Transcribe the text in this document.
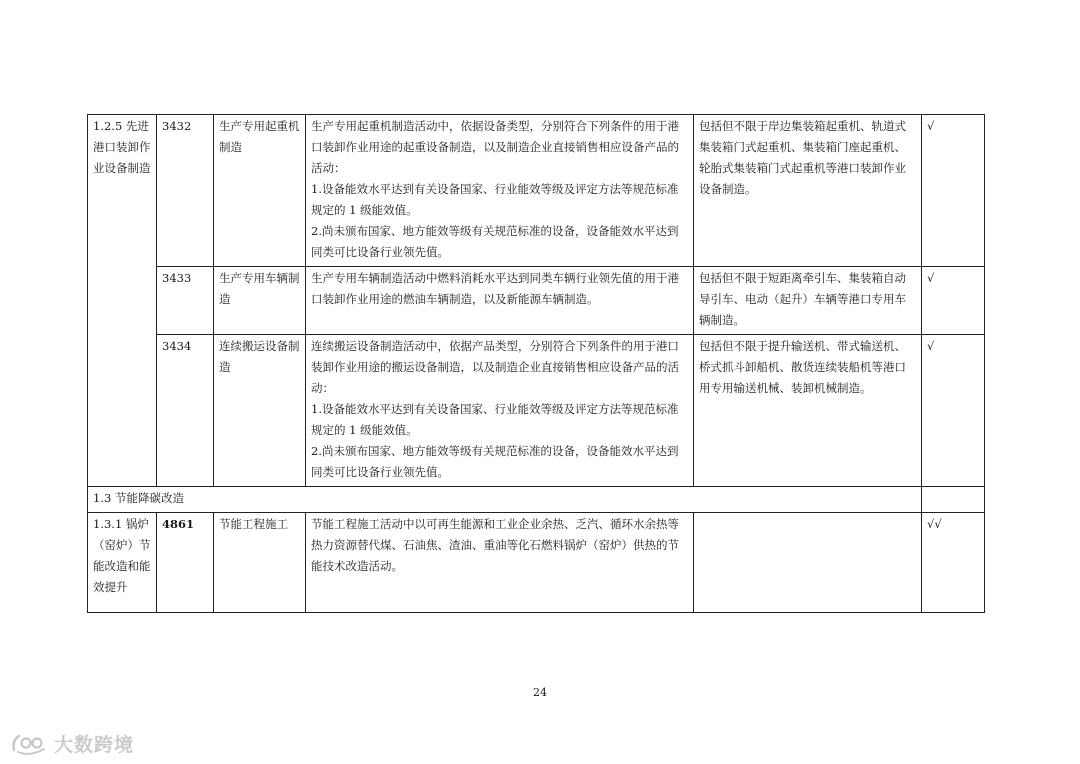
1.2.5 先进港口装卸作业设备制造	3432	生产专用起重机制造	生产专用起重机制造活动中，依据设备类型，分别符合下列条件的用于港口装卸作业用途的起重设备制造，以及制造企业直接销售相应设备产品的活动：
1.设备能效水平达到有关设备国家、行业能效等级及评定方法等规范标准规定的 1 级能效值。
2.尚未颁布国家、地方能效等级有关规范标准的设备，设备能效水平达到同类可比设备行业领先值。	包括但不限于岸边集装箱起重机、轨道式集装箱门式起重机、集装箱门座起重机、轮胎式集装箱门式起重机等港口装卸作业设备制造。	√
	3433	生产专用车辆制造	生产专用车辆制造活动中燃料消耗水平达到同类车辆行业领先值的用于港口装卸作业用途的燃油车辆制造，以及新能源车辆制造。	包括但不限于短距离牵引车、集装箱自动导引车、电动（起升）车辆等港口专用车辆制造。	√
	3434	连续搬运设备制造	连续搬运设备制造活动中，依据产品类型，分别符合下列条件的用于港口装卸作业用途的搬运设备制造，以及制造企业直接销售相应设备产品的活动：
1.设备能效水平达到有关设备国家、行业能效等级及评定方法等规范标准规定的 1 级能效值。
2.尚未颁布国家、地方能效等级有关规范标准的设备，设备能效水平达到同类可比设备行业领先值。	包括但不限于提升输送机、带式输送机、桥式抓斗卸船机、散货连续装船机等港口用专用输送机械、装卸机械制造。	√
1.3 节能降碳改造					
1.3.1 锅炉（窑炉）节能改造和能效提升	4861	节能工程施工	节能工程施工活动中以可再生能源和工业企业余热、乏汽、循环水余热等热力资源替代煤、石油焦、渣油、重油等化石燃料锅炉（窑炉）供热的节能技术改造活动。		√√
24
大数跨境
